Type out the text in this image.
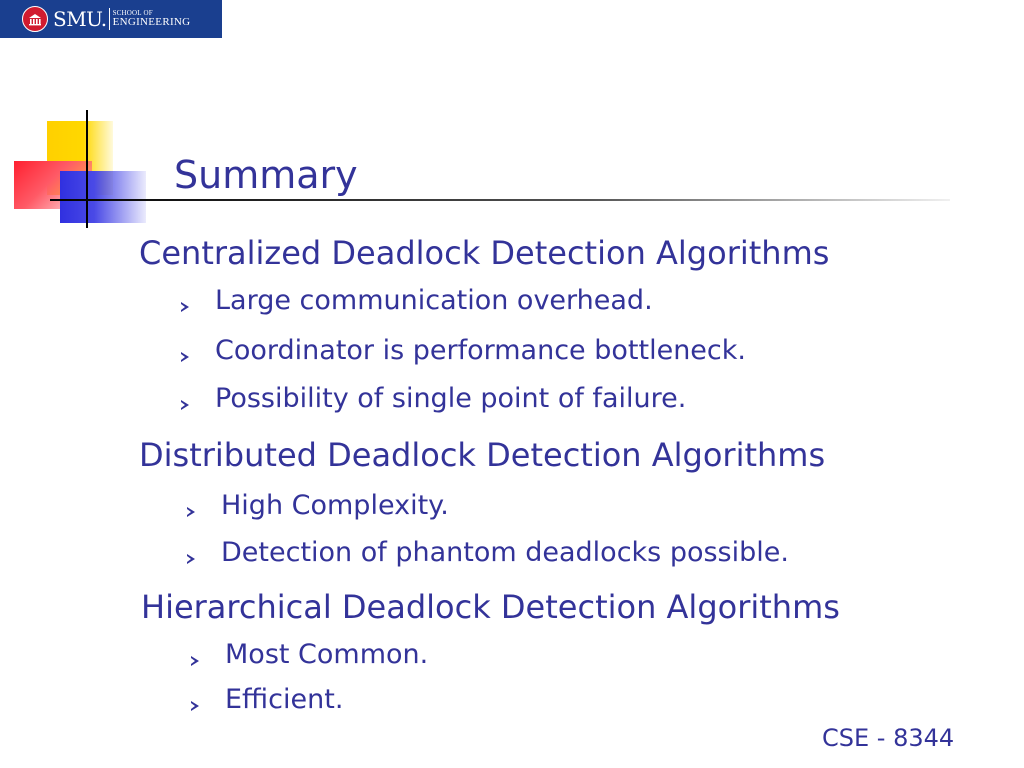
SMU. SCHOOL OF
ENGINEERING
Summary
Centralized Deadlock Detection Algorithms
Large communication overhead.
Coordinator is performance bottleneck.
Possibility of single point of failure.
Distributed Deadlock Detection Algorithms
High Complexity.
Detection of phantom deadlocks possible.
Hierarchical Deadlock Detection Algorithms
Most Common.
Efficient.
CSE - 8344
